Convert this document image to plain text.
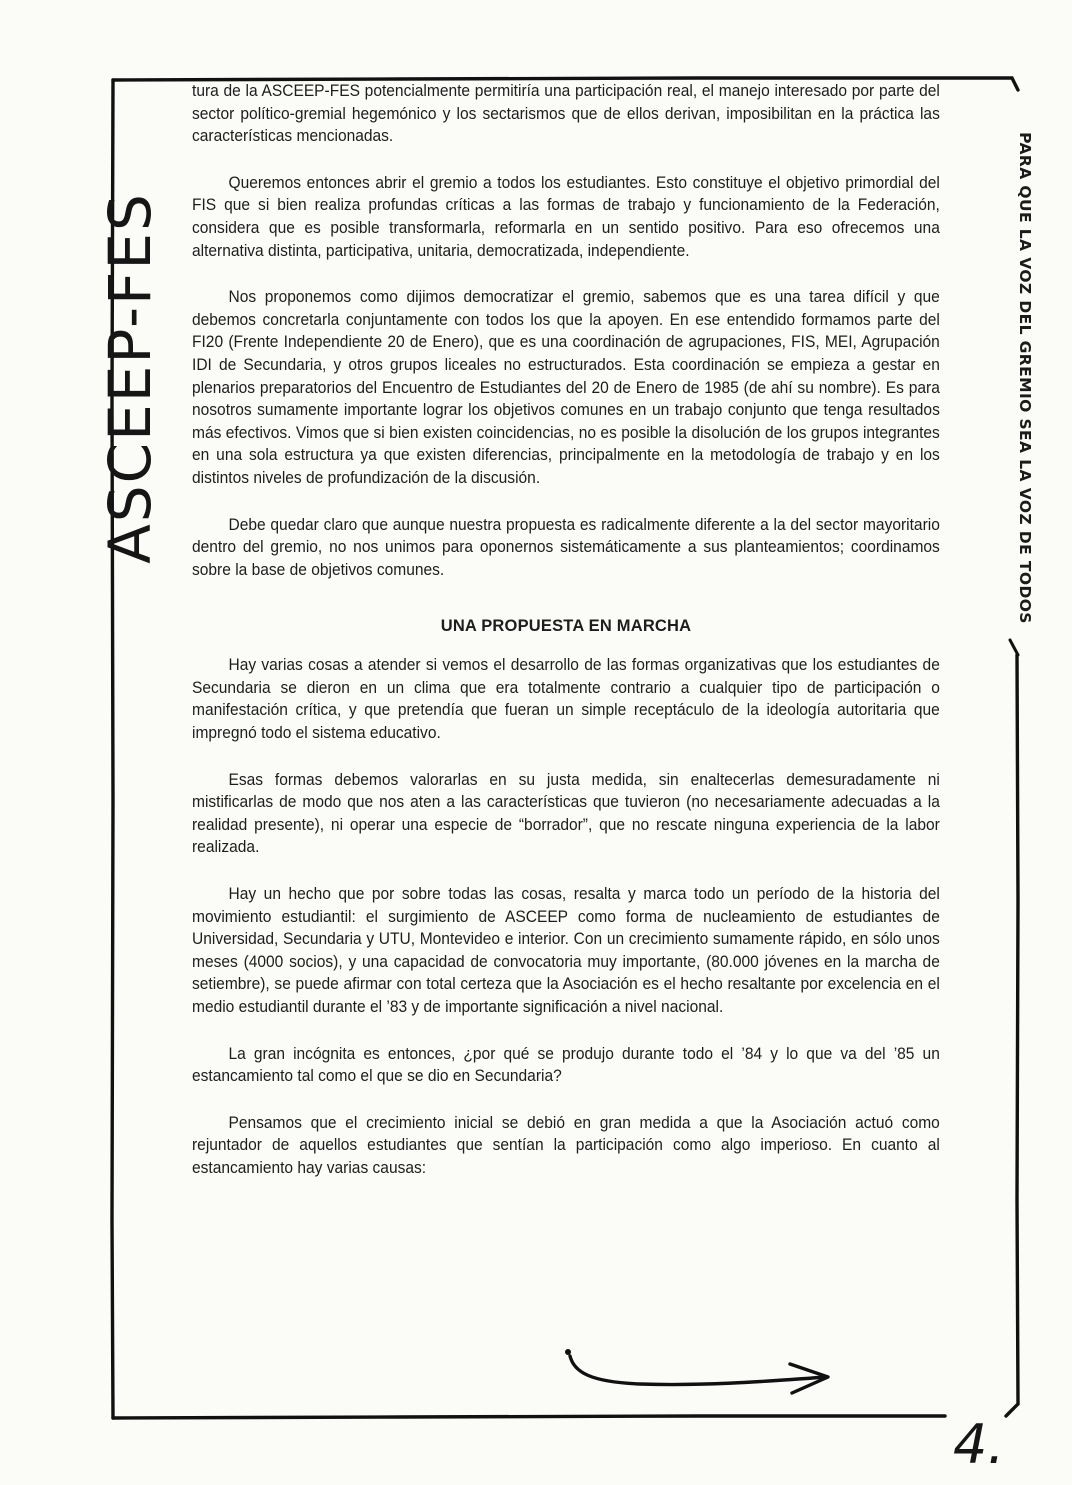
PARA QUE LA VOZ DEL GREMIO SEA LA VOZ DE TODOS
ASCEEP-FES

tura de la ASCEEP-FES potencialmente permitiría una participación real, el manejo interesado por parte del sector político-gremial hegemónico y los sectarismos que de ellos derivan, imposibilitan en la práctica las características mencionadas.

Queremos entonces abrir el gremio a todos los estudiantes. Esto constituye el objetivo primordial del FIS que si bien realiza profundas críticas a las formas de trabajo y funcionamiento de la Federación, considera que es posible transformarla, reformarla en un sentido positivo. Para eso ofrecemos una alternativa distinta, participativa, unitaria, democratizada, independiente.

Nos proponemos como dijimos democratizar el gremio, sabemos que es una tarea difícil y que debemos concretarla conjuntamente con todos los que la apoyen. En ese entendido formamos parte del FI20 (Frente Independiente 20 de Enero), que es una coordinación de agrupaciones, FIS, MEI, Agrupación IDI de Secundaria, y otros grupos liceales no estructurados. Esta coordinación se empieza a gestar en plenarios preparatorios del Encuentro de Estudiantes del 20 de Enero de 1985 (de ahí su nombre). Es para nosotros sumamente importante lograr los objetivos comunes en un trabajo conjunto que tenga resultados más efectivos. Vimos que si bien existen coincidencias, no es posible la disolución de los grupos integrantes en una sola estructura ya que existen diferencias, principalmente en la metodología de trabajo y en los distintos niveles de profundización de la discusión.

Debe quedar claro que aunque nuestra propuesta es radicalmente diferente a la del sector mayoritario dentro del gremio, no nos unimos para oponernos sistemáticamente a sus planteamientos; coordinamos sobre la base de objetivos comunes.

UNA PROPUESTA EN MARCHA

Hay varias cosas a atender si vemos el desarrollo de las formas organizativas que los estudiantes de Secundaria se dieron en un clima que era totalmente contrario a cualquier tipo de participación o manifestación crítica, y que pretendía que fueran un simple receptáculo de la ideología autoritaria que impregnó todo el sistema educativo.

Esas formas debemos valorarlas en su justa medida, sin enaltecerlas demesuradamente ni mistificarlas de modo que nos aten a las características que tuvieron (no necesariamente adecuadas a la realidad presente), ni operar una especie de “borrador”, que no rescate ninguna experiencia de la labor realizada.

Hay un hecho que por sobre todas las cosas, resalta y marca todo un período de la historia del movimiento estudiantil: el surgimiento de ASCEEP como forma de nucleamiento de estudiantes de Universidad, Secundaria y UTU, Montevideo e interior. Con un crecimiento sumamente rápido, en sólo unos meses (4000 socios), y una capacidad de convocatoria muy importante, (80.000 jóvenes en la marcha de setiembre), se puede afirmar con total certeza que la Asociación es el hecho resaltante por excelencia en el medio estudiantil durante el ’83 y de importante significación a nivel nacional.

La gran incógnita es entonces, ¿por qué se produjo durante todo el ’84 y lo que va del ’85 un estancamiento tal como el que se dio en Secundaria?

Pensamos que el crecimiento inicial se debió en gran medida a que la Asociación actuó como rejuntador de aquellos estudiantes que sentían la participación como algo imperioso. En cuanto al estancamiento hay varias causas:

4.
